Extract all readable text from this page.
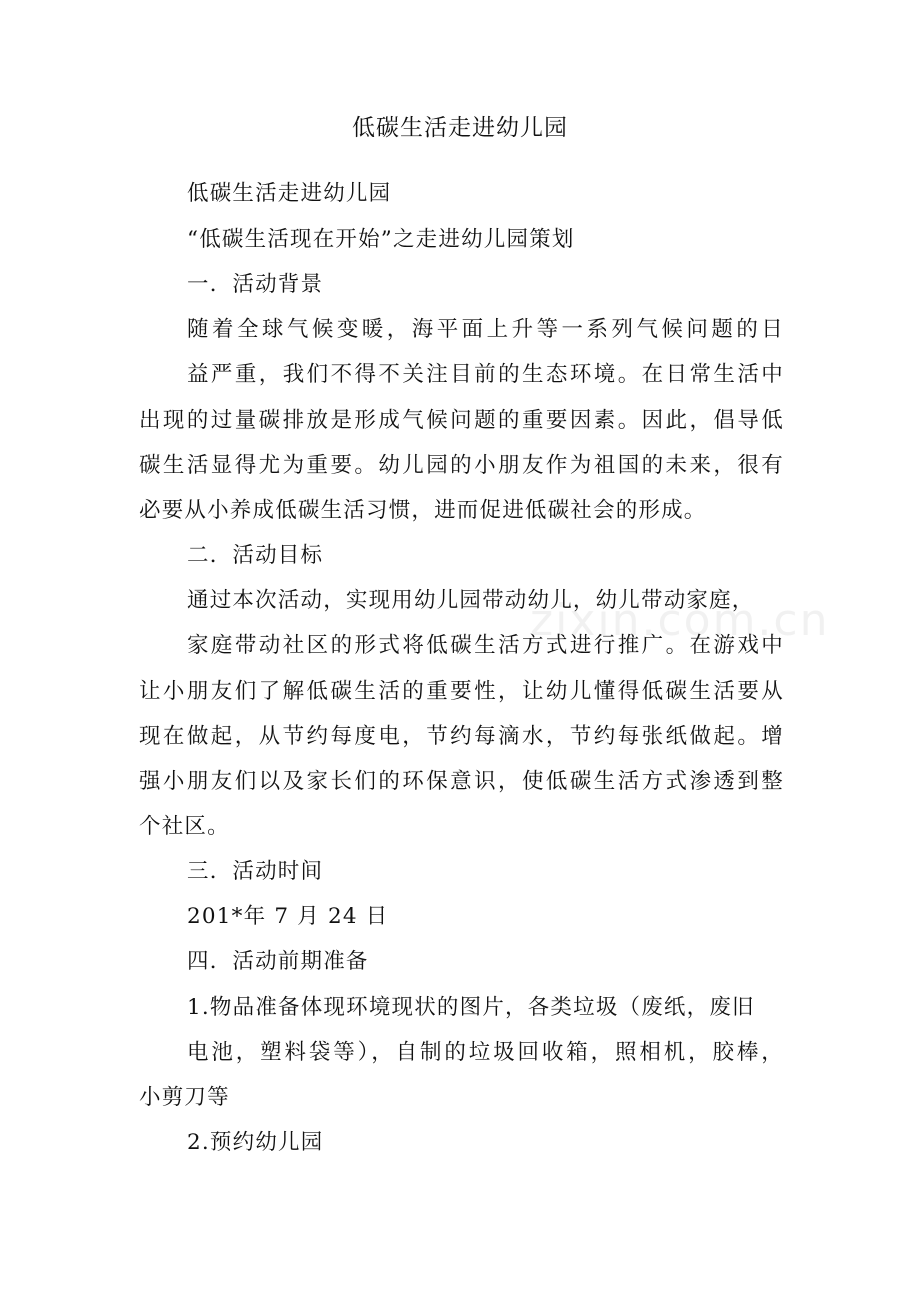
低碳生活走进幼儿园
zixin.com.cn
低碳生活走进幼儿园
“低碳生活现在开始”之走进幼儿园策划
一．活动背景
随着全球气候变暖，海平面上升等一系列气候问题的日
益严重，我们不得不关注目前的生态环境。在日常生活中
出现的过量碳排放是形成气候问题的重要因素。因此，倡导低
碳生活显得尤为重要。幼儿园的小朋友作为祖国的未来，很有
必要从小养成低碳生活习惯，进而促进低碳社会的形成。
二．活动目标
通过本次活动，实现用幼儿园带动幼儿，幼儿带动家庭，
家庭带动社区的形式将低碳生活方式进行推广。在游戏中
让小朋友们了解低碳生活的重要性，让幼儿懂得低碳生活要从
现在做起，从节约每度电，节约每滴水，节约每张纸做起。增
强小朋友们以及家长们的环保意识，使低碳生活方式渗透到整
个社区。
三．活动时间
201*年 7 月 24 日
四．活动前期准备
1.物品准备体现环境现状的图片，各类垃圾（废纸，废旧
电池，塑料袋等），自制的垃圾回收箱，照相机，胶棒，
小剪刀等
2.预约幼儿园
